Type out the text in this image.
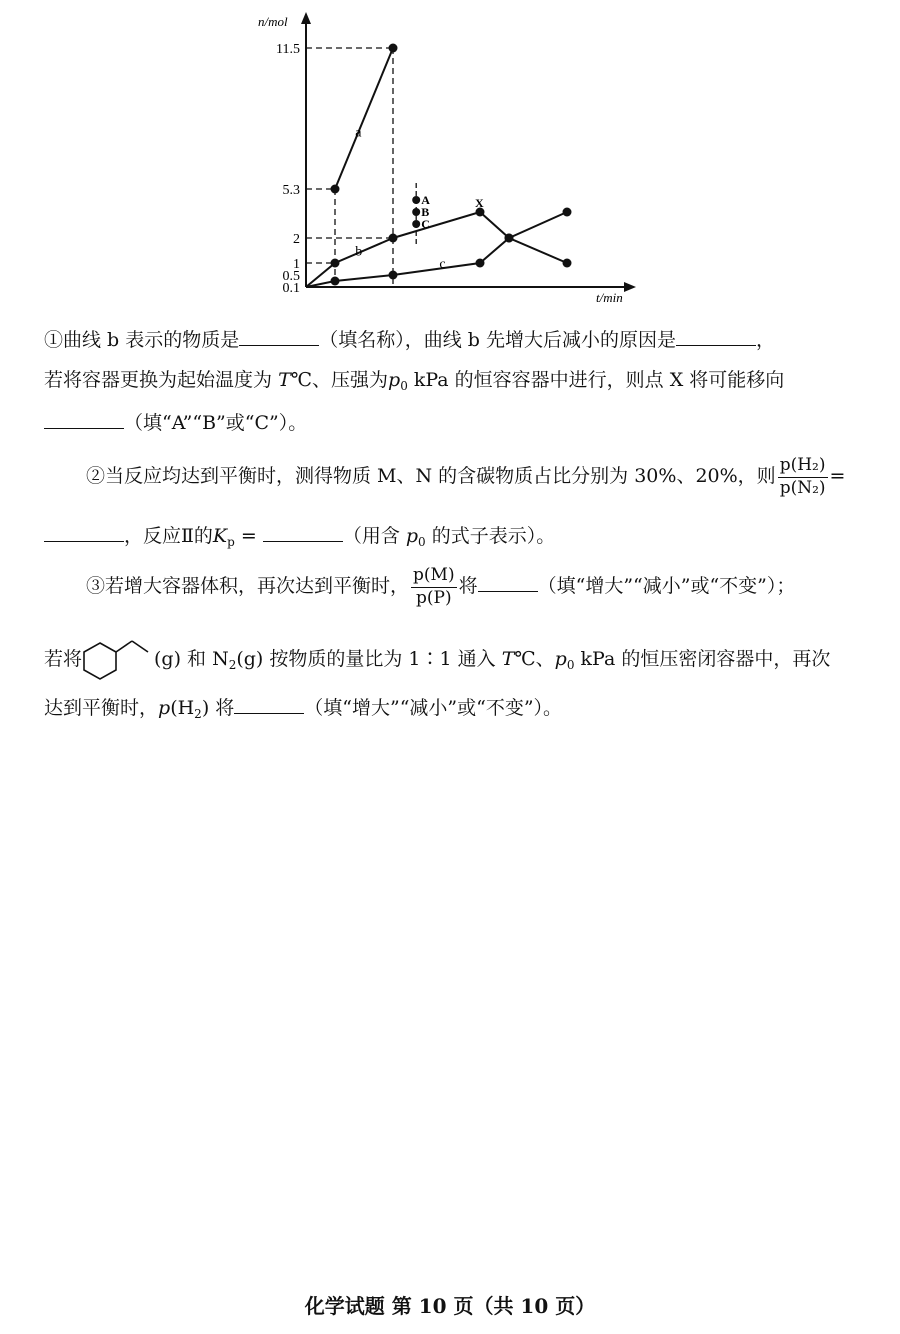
n/mol
t/min
11.5
5.3
2
1
0.5
0.1
a
b
c
A
B
C
X
①曲线 b 表示的物质是	（填名称），曲线 b 先增大后减小的原因是	，
若将容器更换为起始温度为 T℃、压强为$p_0$ kPa 的恒容容器中进行，则点 X 将可能移向
（填“A”“B”或“C”）。
②当反应均达到平衡时，测得物质 M、N 的含碳物质占比分别为 30%、20%，则 $\frac{\text{p(H₂)}}{\text{p(N₂)}}$ =
，反应Ⅱ的$K_p$ =	（用含 $p_0$ 的式子表示）。
③若增大容器体积，再次达到平衡时， $\frac{p(M)}{p(P)}$ 将	（填“增大”“减小”或“不变”）；
若将	(g) 和 $N_2(g)$ 按物质的量比为 1∶1 通入 T℃、$p_0$ kPa 的恒压密闭容器中，再次
达到平衡时，$p(H_2)$ 将	（填“增大”“减小”或“不变”）。
化学试题 第 10 页（共 10 页）
